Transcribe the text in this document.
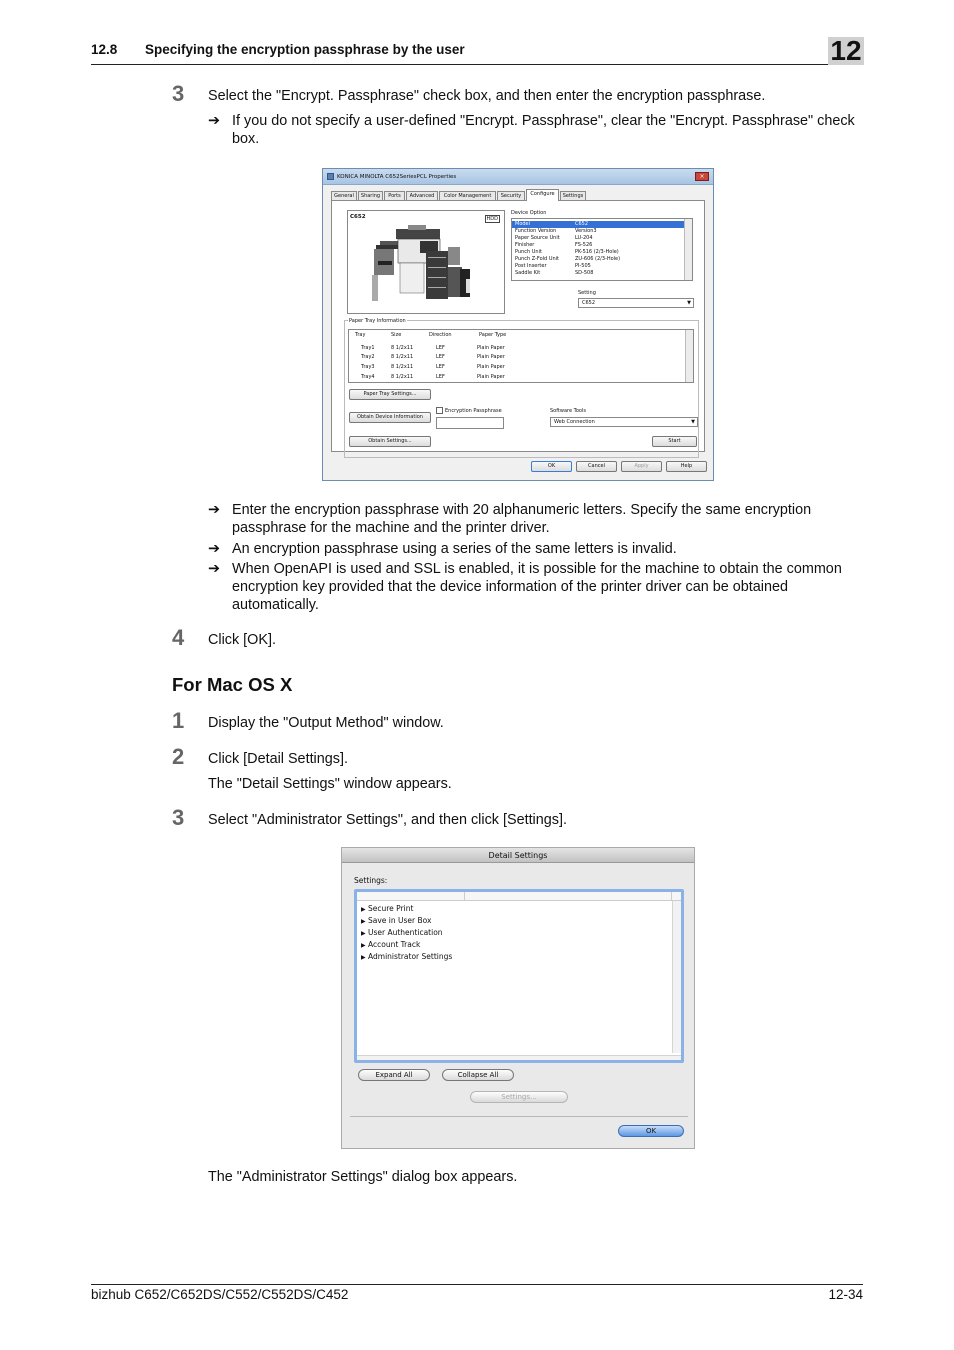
12.8 Specifying the encryption passphrase by the user	12
3 Select the "Encrypt. Passphrase" check box, and then enter the encryption passphrase.
➔ If you do not specify a user-defined "Encrypt. Passphrase", clear the "Encrypt. Passphrase" check box.
KONICA MINOLTA C652SeriesPCL Properties	×
General	Sharing	Ports	Advanced	Color Management	Security	Configure	Settings
C652	HDD
Device Option
Model	C652
Function Version	Version3
Paper Source Unit	LU-204
Finisher	FS-526
Punch Unit	PK-516 (2/3-Hole)
Punch Z-Fold Unit	ZU-606 (2/3-Hole)
Post Inserter	PI-505
Saddle Kit	SD-508
Setting
C652	▼
Paper Tray Information
Tray	Size	Direction	Paper Type
Tray1	8 1/2x11	LEF	Plain Paper
Tray2	8 1/2x11	LEF	Plain Paper
Tray3	8 1/2x11	LEF	Plain Paper
Tray4	8 1/2x11	LEF	Plain Paper
Paper Tray Settings...
Obtain Device Information
Encryption Passphrase	Software Tools
Web Connection	▼
Obtain Settings...	Start
OK	Cancel	Apply	Help
➔ Enter the encryption passphrase with 20 alphanumeric letters. Specify the same encryption passphrase for the machine and the printer driver.
➔ An encryption passphrase using a series of the same letters is invalid.
➔ When OpenAPI is used and SSL is enabled, it is possible for the machine to obtain the common encryption key provided that the device information of the printer driver can be obtained automatically.
4 Click [OK].
For Mac OS X
1 Display the "Output Method" window.
2 Click [Detail Settings].
The "Detail Settings" window appears.
3 Select "Administrator Settings", and then click [Settings].
Detail Settings
Settings:
▶ Secure Print
▶ Save in User Box
▶ User Authentication
▶ Account Track
▶ Administrator Settings
Expand All	Collapse All
Settings...
OK
The "Administrator Settings" dialog box appears.
bizhub C652/C652DS/C552/C552DS/C452	12-34
